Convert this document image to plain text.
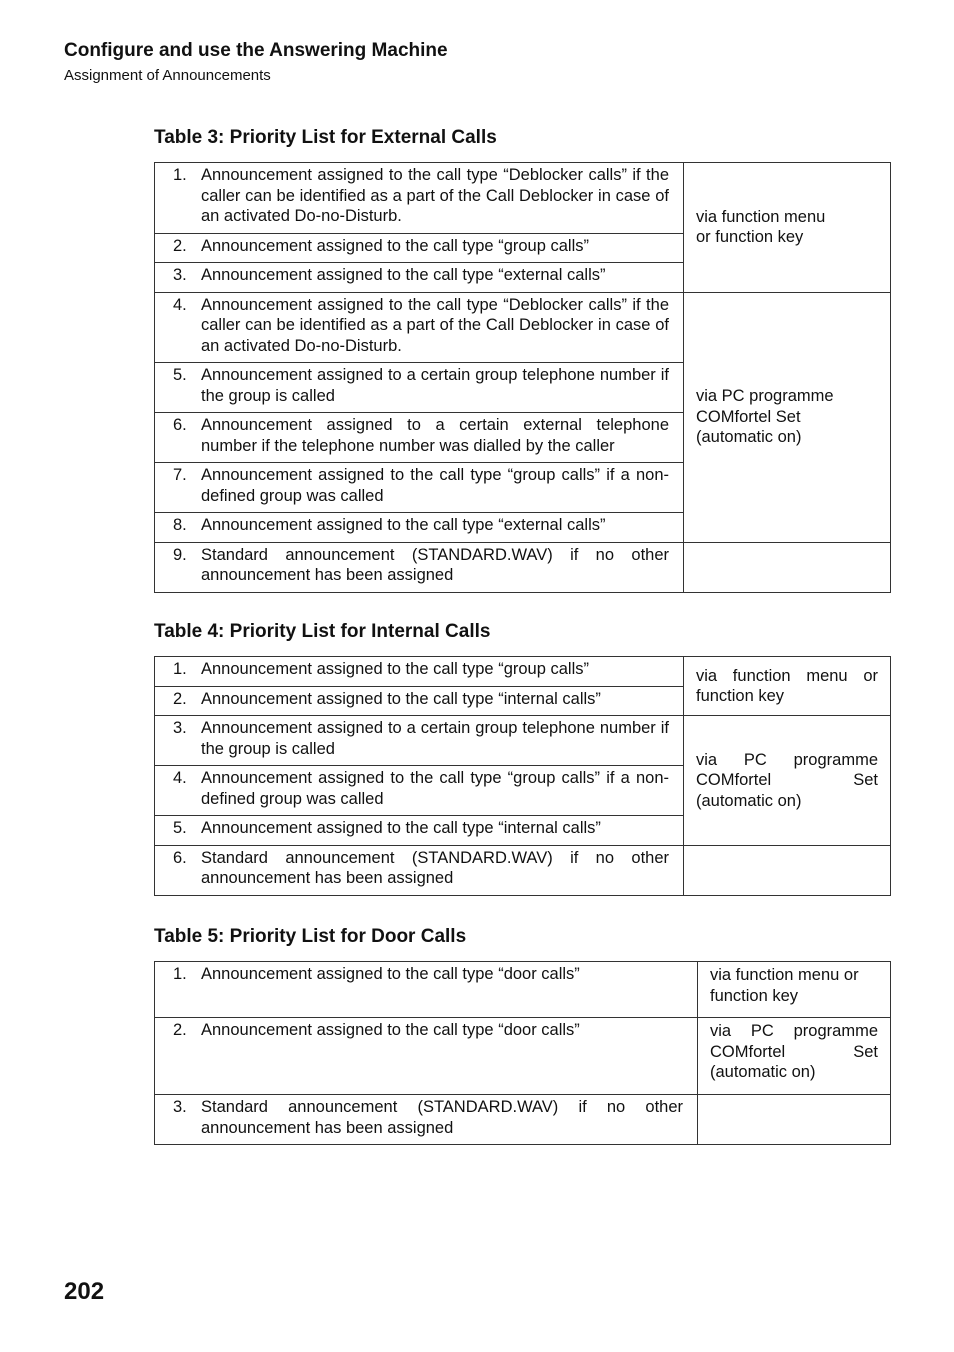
Configure and use the Answering Machine
Assignment of Announcements
Table 3: Priority List for External Calls
1. Announcement assigned to the call type “Deblocker calls” if the caller can be identified as a part of the Call Deblocker in case of an activated Do-no-Disturb.	via function menu or function key

2. Announcement assigned to the call type “group calls”	

3. Announcement assigned to the call type “external calls”	

4. Announcement assigned to the call type “Deblocker calls” if the caller can be identified as a part of the Call Deblocker in case of an activated Do-no-Disturb.	via PC programme COMfortel Set (automatic on)

5. Announcement assigned to a certain group telephone number if the group is called	

6. Announcement assigned to a certain external telephone number if the telephone number was dialled by the caller	

7. Announcement assigned to the call type “group calls” if a non-defined group was called	

8. Announcement assigned to the call type “external calls”	

9. Standard announcement (STANDARD.WAV) if no other announcement has been assigned	

Table 4: Priority List for Internal Calls
1. Announcement assigned to the call type “group calls”	via function menu or function key

2. Announcement assigned to the call type “internal calls”	

3. Announcement assigned to a certain group telephone number if the group is called	via PC programme COMfortel Set (automatic on)

4. Announcement assigned to the call type “group calls” if a non-defined group was called	

5. Announcement assigned to the call type “internal calls”	

6. Standard announcement (STANDARD.WAV) if no other announcement has been assigned	

Table 5: Priority List for Door Calls
1. Announcement assigned to the call type “door calls”	via function menu or function key

2. Announcement assigned to the call type “door calls”	via PC programme COMfortel Set (automatic on)

3. Standard announcement (STANDARD.WAV) if no other announcement has been assigned	

202
